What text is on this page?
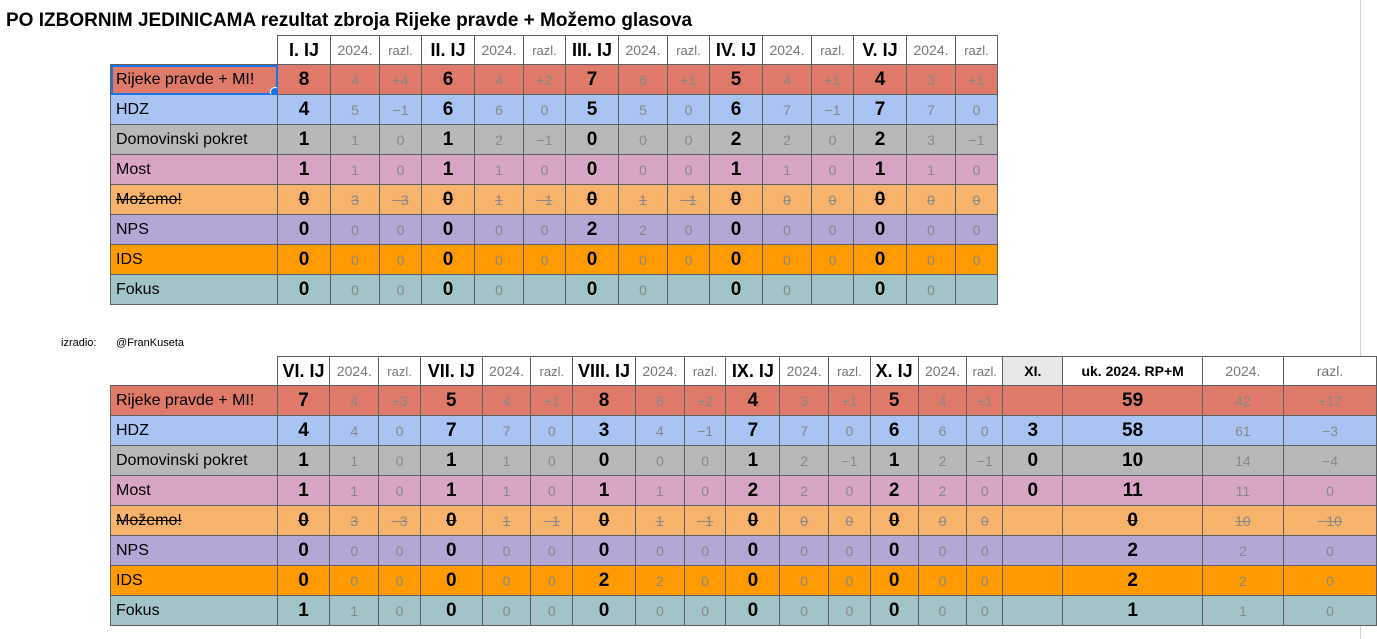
PO IZBORNIM JEDINICAMA rezultat zbroja Rijeke pravde + Možemo glasova
izradio: @FranKuseta
	I. IJ	2024.	razl.	II. IJ	2024.	razl.	III. IJ	2024.	razl.	IV. IJ	2024.	razl.	V. IJ	2024.	razl.
Rijeke pravde + MI!	8	4	+4	6	4	+2	7	6	+1	5	4	+1	4	3	+1
HDZ	4	5	−1	6	6	0	5	5	0	6	7	−1	7	7	0
Domovinski pokret	1	1	0	1	2	−1	0	0	0	2	2	0	2	3	−1
Most	1	1	0	1	1	0	0	0	0	1	1	0	1	1	0
Možemo!	0	3	−3	0	1	−1	0	1	−1	0	0	0	0	0	0
NPS	0	0	0	0	0	0	2	2	0	0	0	0	0	0	0
IDS	0	0	0	0	0	0	0	0	0	0	0	0	0	0	0
Fokus	0	0	0	0	0		0	0		0	0		0	0	
	VI. IJ	2024.	razl.	VII. IJ	2024.	razl.	VIII. IJ	2024.	razl.	IX. IJ	2024.	razl.	X. IJ	2024.	razl.	XI.	uk. 2024. RP+M	2024.	razl.
Rijeke pravde + MI!	7	4	+3	5	4	+1	8	6	+2	4	3	+1	5	4	+1		59	42	+17
HDZ	4	4	0	7	7	0	3	4	−1	7	7	0	6	6	0	3	58	61	−3
Domovinski pokret	1	1	0	1	1	0	0	0	0	1	2	−1	1	2	−1	0	10	14	−4
Most	1	1	0	1	1	0	1	1	0	2	2	0	2	2	0	0	11	11	0
Možemo!	0	3	−3	0	1	−1	0	1	−1	0	0	0	0	0	0		0	10	−10
NPS	0	0	0	0	0	0	0	0	0	0	0	0	0	0	0		2	2	0
IDS	0	0	0	0	0	0	2	2	0	0	0	0	0	0	0		2	2	0
Fokus	1	1	0	0	0	0	0	0	0	0	0	0	0	0	0		1	1	0
